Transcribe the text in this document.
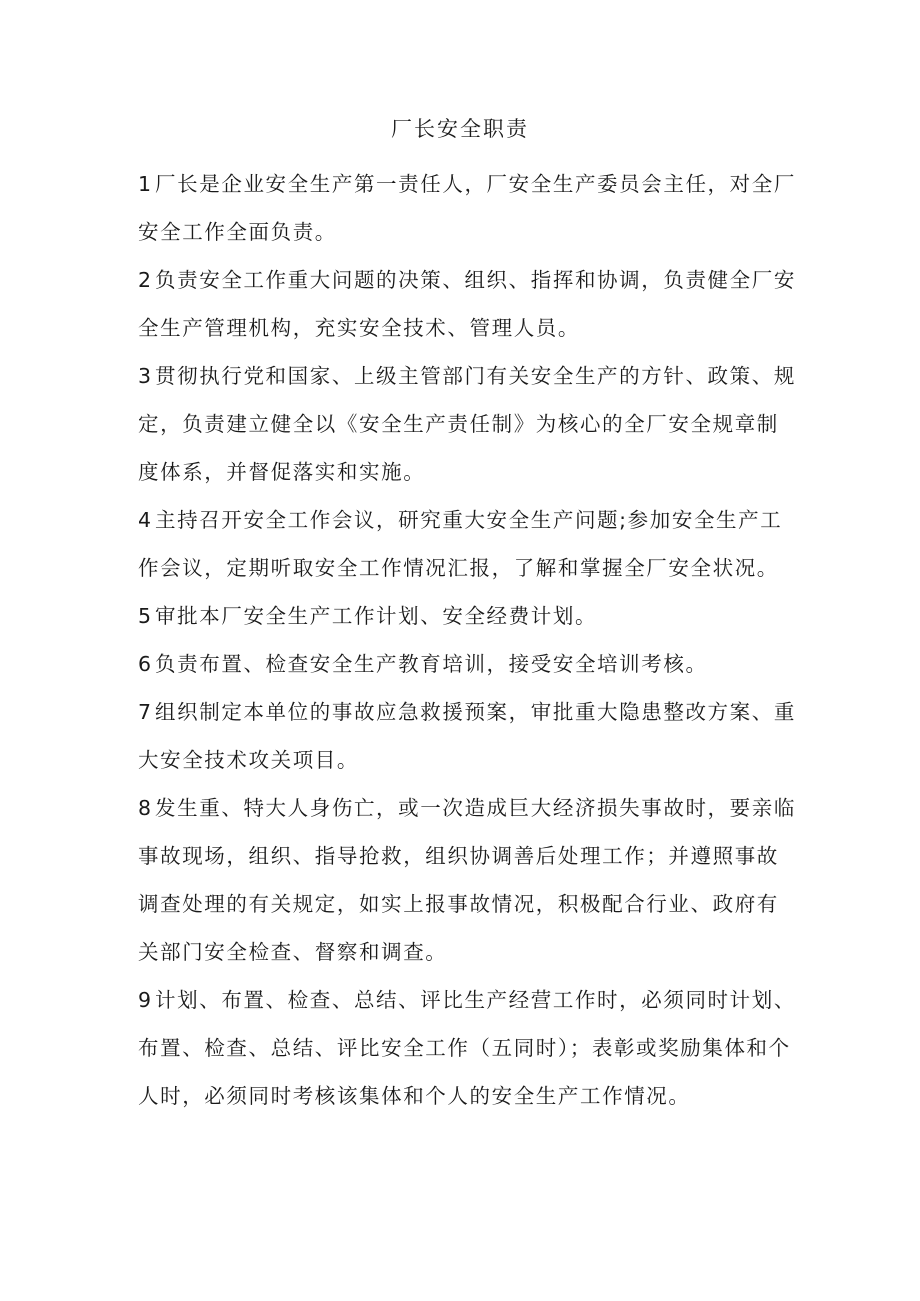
厂长安全职责

1 厂长是企业安全生产第一责任人，厂安全生产委员会主任，对全厂安全工作全面负责。

2 负责安全工作重大问题的决策、组织、指挥和协调，负责健全厂安全生产管理机构，充实安全技术、管理人员。

3 贯彻执行党和国家、上级主管部门有关安全生产的方针、政策、规定，负责建立健全以《安全生产责任制》为核心的全厂安全规章制度体系，并督促落实和实施。

4 主持召开安全工作会议，研究重大安全生产问题;参加安全生产工作会议，定期听取安全工作情况汇报，了解和掌握全厂安全状况。

5 审批本厂安全生产工作计划、安全经费计划。

6 负责布置、检查安全生产教育培训，接受安全培训考核。

7 组织制定本单位的事故应急救援预案，审批重大隐患整改方案、重大安全技术攻关项目。

8 发生重、特大人身伤亡，或一次造成巨大经济损失事故时，要亲临事故现场，组织、指导抢救，组织协调善后处理工作；并遵照事故调查处理的有关规定，如实上报事故情况，积极配合行业、政府有关部门安全检查、督察和调查。

9 计划、布置、检查、总结、评比生产经营工作时，必须同时计划、布置、检查、总结、评比安全工作（五同时）；表彰或奖励集体和个人时，必须同时考核该集体和个人的安全生产工作情况。
